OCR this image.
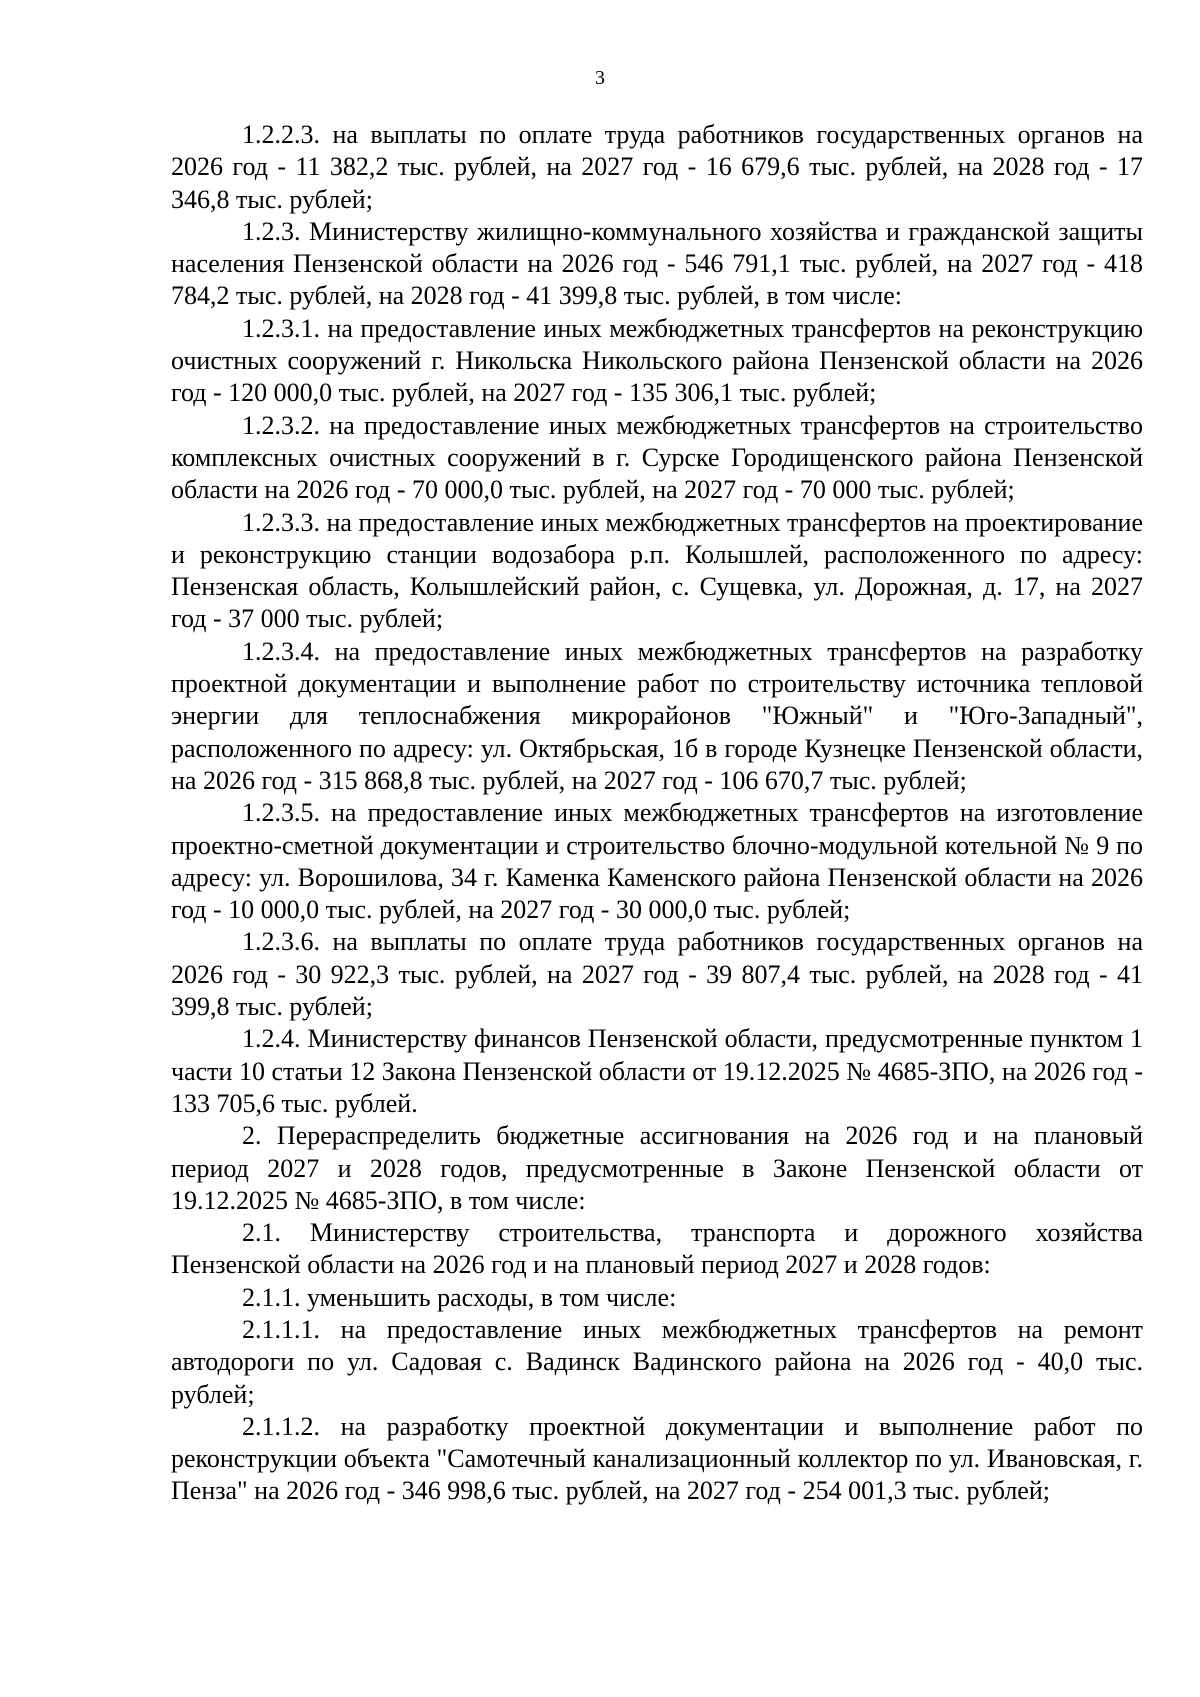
3

1.2.2.3. на выплаты по оплате труда работников государственных органов на 2026 год - 11 382,2 тыс. рублей, на 2027 год - 16 679,6 тыс. рублей, на 2028 год - 17 346,8 тыс. рублей;

1.2.3. Министерству жилищно-коммунального хозяйства и гражданской защиты населения Пензенской области на 2026 год - 546 791,1 тыс. рублей, на 2027 год - 418 784,2 тыс. рублей, на 2028 год - 41 399,8 тыс. рублей, в том числе:

1.2.3.1. на предоставление иных межбюджетных трансфертов на реконструкцию очистных сооружений г. Никольска Никольского района Пензенской области на 2026 год - 120 000,0 тыс. рублей, на 2027 год - 135 306,1 тыс. рублей;

1.2.3.2. на предоставление иных межбюджетных трансфертов на строительство комплексных очистных сооружений в г. Сурске Городищенского района Пензенской области на 2026 год - 70 000,0 тыс. рублей, на 2027 год - 70 000 тыс. рублей;

1.2.3.3. на предоставление иных межбюджетных трансфертов на проектирование и реконструкцию станции водозабора р.п. Колышлей, расположенного по адресу: Пензенская область, Колышлейский район, с. Сущевка, ул. Дорожная, д. 17, на 2027 год - 37 000 тыс. рублей;

1.2.3.4. на предоставление иных межбюджетных трансфертов на разработку проектной документации и выполнение работ по строительству источника тепловой энергии для теплоснабжения микрорайонов "Южный" и "Юго-Западный", расположенного по адресу: ул. Октябрьская, 1б в городе Кузнецке Пензенской области, на 2026 год - 315 868,8 тыс. рублей, на 2027 год - 106 670,7 тыс. рублей;

1.2.3.5. на предоставление иных межбюджетных трансфертов на изготовление проектно-сметной документации и строительство блочно-модульной котельной № 9 по адресу: ул. Ворошилова, 34 г. Каменка Каменского района Пензенской области на 2026 год - 10 000,0 тыс. рублей, на 2027 год - 30 000,0 тыс. рублей;

1.2.3.6. на выплаты по оплате труда работников государственных органов на 2026 год - 30 922,3 тыс. рублей, на 2027 год - 39 807,4 тыс. рублей, на 2028 год - 41 399,8 тыс. рублей;

1.2.4. Министерству финансов Пензенской области, предусмотренные пунктом 1 части 10 статьи 12 Закона Пензенской области от 19.12.2025 № 4685-ЗПО, на 2026 год - 133 705,6 тыс. рублей.

2. Перераспределить бюджетные ассигнования на 2026 год и на плановый период 2027 и 2028 годов, предусмотренные в Законе Пензенской области от 19.12.2025 № 4685-ЗПО, в том числе:

2.1. Министерству строительства, транспорта и дорожного хозяйства Пензенской области на 2026 год и на плановый период 2027 и 2028 годов:

2.1.1. уменьшить расходы, в том числе:

2.1.1.1. на предоставление иных межбюджетных трансфертов на ремонт автодороги по ул. Садовая с. Вадинск Вадинского района на 2026 год - 40,0 тыс. рублей;

2.1.1.2. на разработку проектной документации и выполнение работ по реконструкции объекта "Самотечный канализационный коллектор по ул. Ивановская, г. Пенза" на 2026 год - 346 998,6 тыс. рублей, на 2027 год - 254 001,3 тыс. рублей;
